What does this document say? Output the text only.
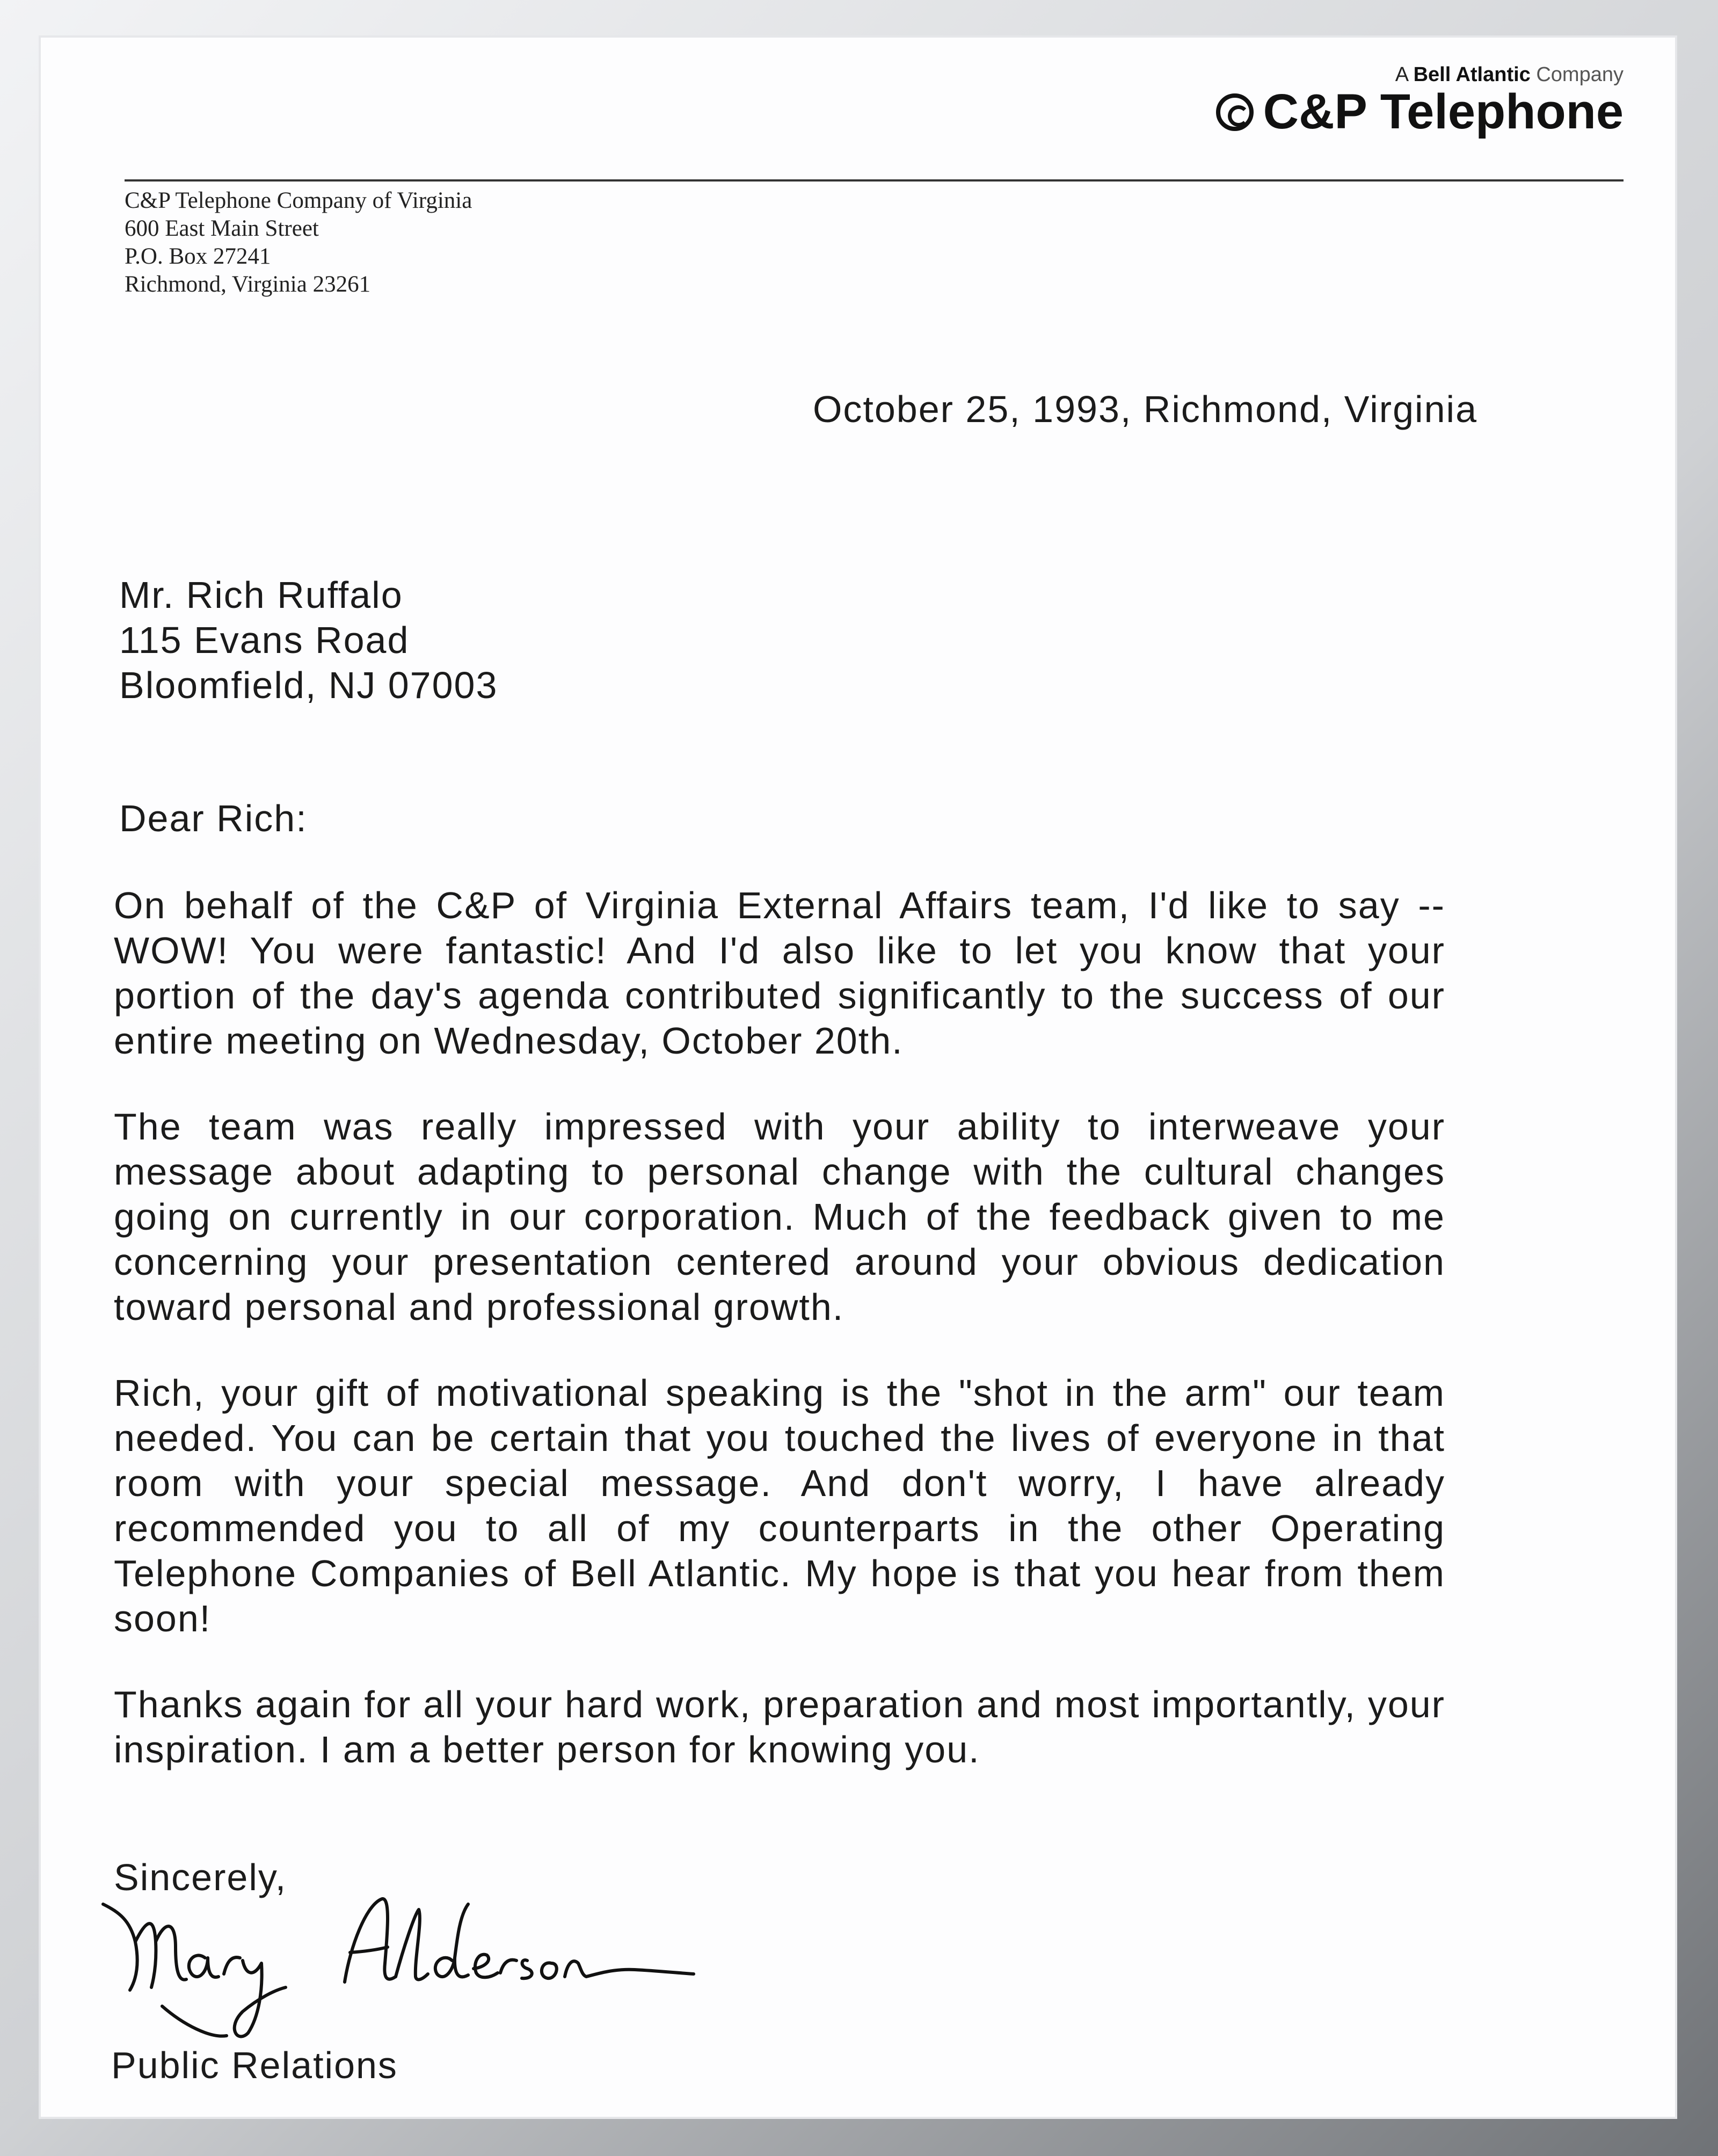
A Bell Atlantic Company
C&P Telephone
C&P Telephone Company of Virginia
600 East Main Street
P.O. Box 27241
Richmond, Virginia 23261
October 25, 1993, Richmond, Virginia
Mr. Rich Ruffalo
115 Evans Road
Bloomfield, NJ 07003
Dear Rich:

On behalf of the C&P of Virginia External Affairs team, I'd like to say -- WOW! You were fantastic! And I'd also like to let you know that your portion of the day's agenda contributed significantly to the success of our entire meeting on Wednesday, October 20th.

The team was really impressed with your ability to interweave your message about adapting to personal change with the cultural changes going on currently in our corporation. Much of the feedback given to me concerning your presentation centered around your obvious dedication toward personal and professional growth.

Rich, your gift of motivational speaking is the "shot in the arm" our team needed. You can be certain that you touched the lives of everyone in that room with your special message. And don't worry, I have already recommended you to all of my counterparts in the other Operating Telephone Companies of Bell Atlantic. My hope is that you hear from them soon!

Thanks again for all your hard work, preparation and most importantly, your inspiration. I am a better person for knowing you.

Sincerely,
Public Relations
